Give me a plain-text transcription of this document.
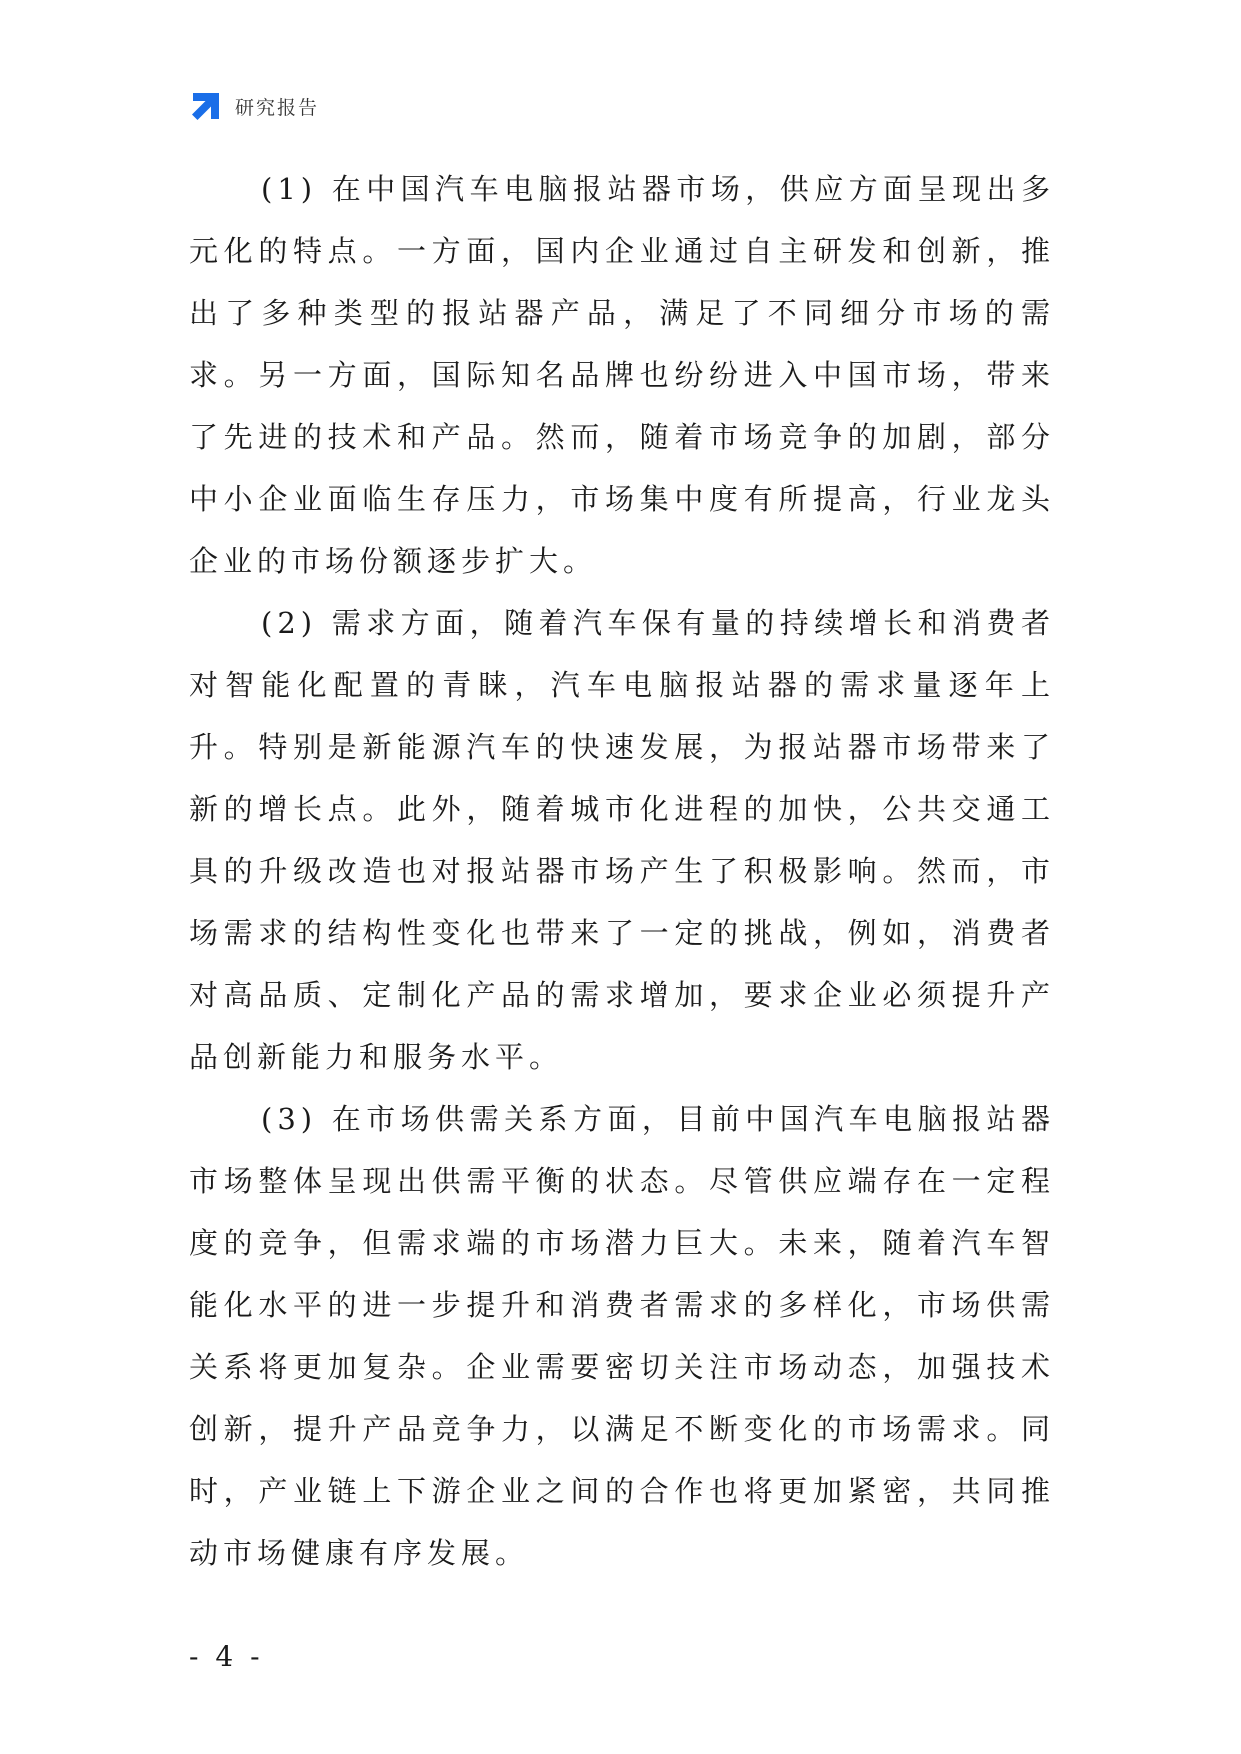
研究报告

(1) 在中国汽车电脑报站器市场，供应方面呈现出多元化的特点。一方面，国内企业通过自主研发和创新，推出了多种类型的报站器产品，满足了不同细分市场的需求。另一方面，国际知名品牌也纷纷进入中国市场，带来了先进的技术和产品。然而，随着市场竞争的加剧，部分中小企业面临生存压力，市场集中度有所提高，行业龙头企业的市场份额逐步扩大。

(2) 需求方面，随着汽车保有量的持续增长和消费者对智能化配置的青睐，汽车电脑报站器的需求量逐年上升。特别是新能源汽车的快速发展，为报站器市场带来了新的增长点。此外，随着城市化进程的加快，公共交通工具的升级改造也对报站器市场产生了积极影响。然而，市场需求的结构性变化也带来了一定的挑战，例如，消费者对高品质、定制化产品的需求增加，要求企业必须提升产品创新能力和服务水平。

(3) 在市场供需关系方面，目前中国汽车电脑报站器市场整体呈现出供需平衡的状态。尽管供应端存在一定程度的竞争，但需求端的市场潜力巨大。未来，随着汽车智能化水平的进一步提升和消费者需求的多样化，市场供需关系将更加复杂。企业需要密切关注市场动态，加强技术创新，提升产品竞争力，以满足不断变化的市场需求。同时，产业链上下游企业之间的合作也将更加紧密，共同推动市场健康有序发展。

- 4 -
